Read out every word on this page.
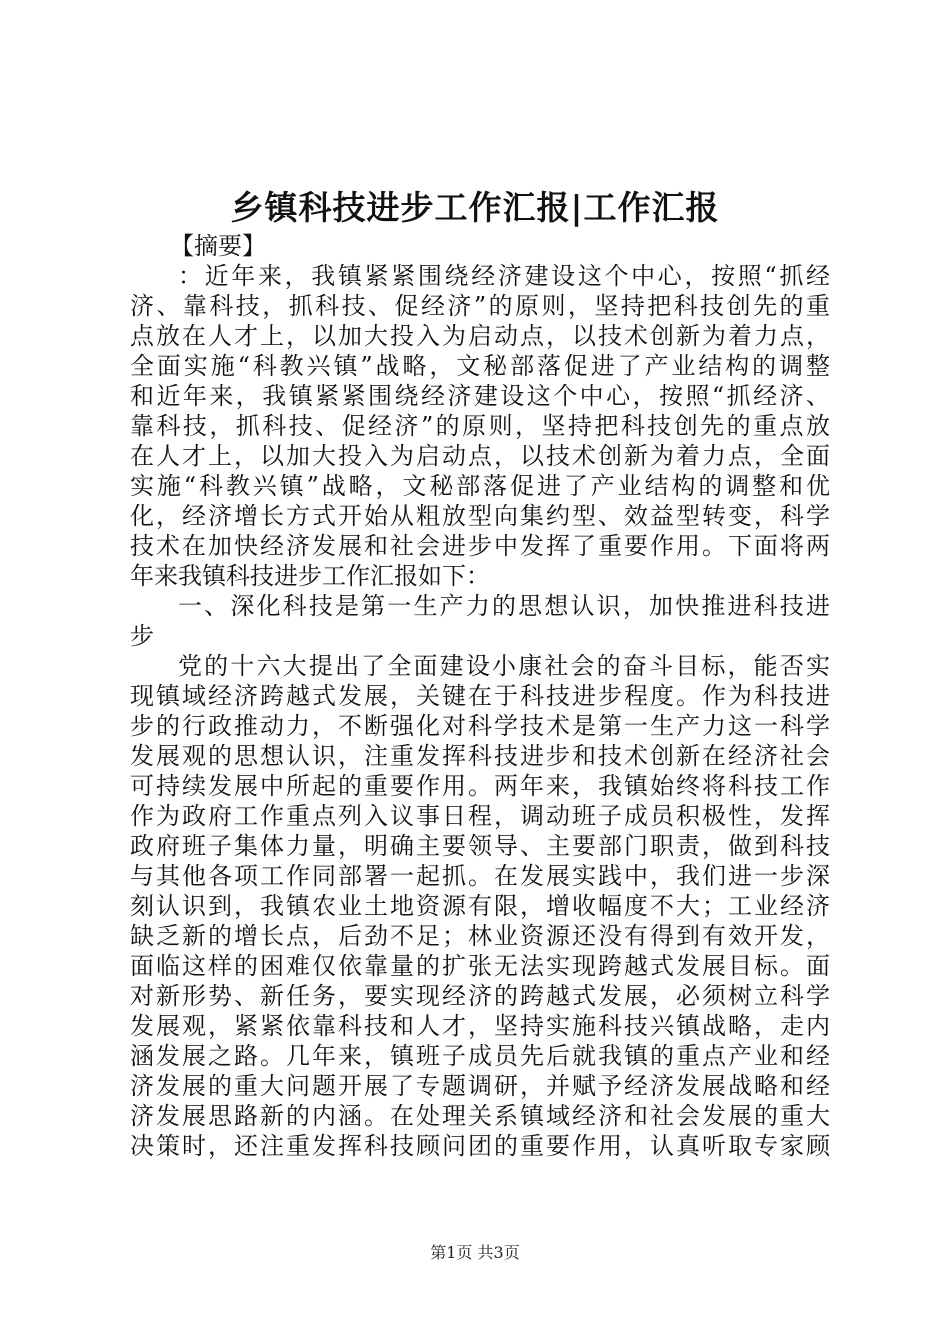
乡镇科技进步工作汇报|工作汇报
【摘要】
：近年来，我镇紧紧围绕经济建设这个中心，按照“抓经
济、靠科技，抓科技、促经济”的原则，坚持把科技创先的重
点放在人才上，以加大投入为启动点，以技术创新为着力点，
全面实施“科教兴镇”战略，文秘部落促进了产业结构的调整
和近年来，我镇紧紧围绕经济建设这个中心，按照“抓经济、
靠科技，抓科技、促经济”的原则，坚持把科技创先的重点放
在人才上，以加大投入为启动点，以技术创新为着力点，全面
实施“科教兴镇”战略，文秘部落促进了产业结构的调整和优
化，经济增长方式开始从粗放型向集约型、效益型转变，科学
技术在加快经济发展和社会进步中发挥了重要作用。下面将两
年来我镇科技进步工作汇报如下：
一、深化科技是第一生产力的思想认识，加快推进科技进
步
党的十六大提出了全面建设小康社会的奋斗目标，能否实
现镇域经济跨越式发展，关键在于科技进步程度。作为科技进
步的行政推动力，不断强化对科学技术是第一生产力这一科学
发展观的思想认识，注重发挥科技进步和技术创新在经济社会
可持续发展中所起的重要作用。两年来，我镇始终将科技工作
作为政府工作重点列入议事日程，调动班子成员积极性，发挥
政府班子集体力量，明确主要领导、主要部门职责，做到科技
与其他各项工作同部署一起抓。在发展实践中，我们进一步深
刻认识到，我镇农业土地资源有限，增收幅度不大；工业经济
缺乏新的增长点，后劲不足；林业资源还没有得到有效开发，
面临这样的困难仅依靠量的扩张无法实现跨越式发展目标。面
对新形势、新任务，要实现经济的跨越式发展，必须树立科学
发展观，紧紧依靠科技和人才，坚持实施科技兴镇战略，走内
涵发展之路。几年来，镇班子成员先后就我镇的重点产业和经
济发展的重大问题开展了专题调研，并赋予经济发展战略和经
济发展思路新的内涵。在处理关系镇域经济和社会发展的重大
决策时，还注重发挥科技顾问团的重要作用，认真听取专家顾
第1页 共3页
